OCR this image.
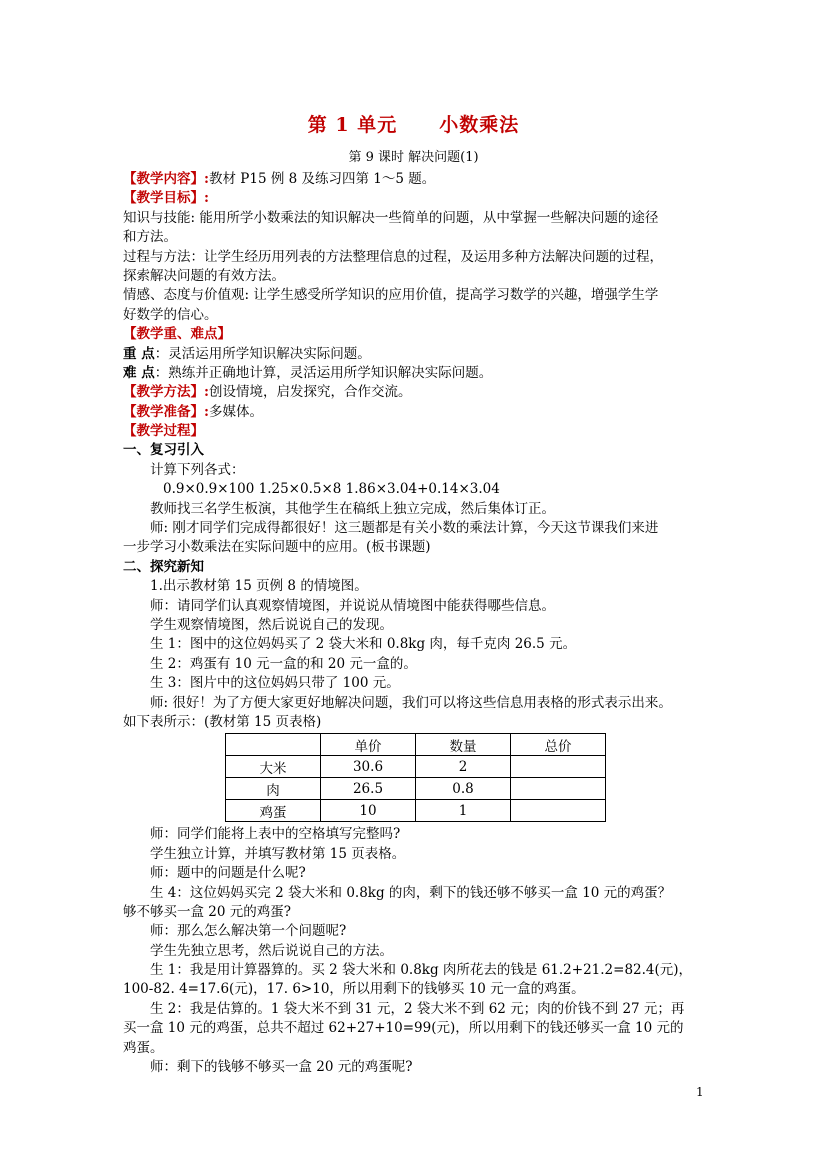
第 1 单元 小数乘法
第 9 课时 解决问题(1)
【教学内容】:教材 P15 例 8 及练习四第 1～5 题。
【教学目标】:
知识与技能: 能用所学小数乘法的知识解决一些简单的问题，从中掌握一些解决问题的途径
和方法。
过程与方法：让学生经历用列表的方法整理信息的过程，及运用多种方法解决问题的过程，
探索解决问题的有效方法。
情感、态度与价值观: 让学生感受所学知识的应用价值，提高学习数学的兴趣，增强学生学
好数学的信心。
【教学重、难点】
重 点：灵活运用所学知识解决实际问题。
难 点：熟练并正确地计算，灵活运用所学知识解决实际问题。
【教学方法】:创设情境，启发探究，合作交流。
【教学准备】:多媒体。
【教学过程】
一、复习引入
计算下列各式：
0.9×0.9×100 1.25×0.5×8 1.86×3.04+0.14×3.04
教师找三名学生板演，其他学生在稿纸上独立完成，然后集体订正。
师: 刚才同学们完成得都很好！这三题都是有关小数的乘法计算，今天这节课我们来进
一步学习小数乘法在实际问题中的应用。(板书课题)
二、探究新知
1.出示教材第 15 页例 8 的情境图。
师：请同学们认真观察情境图，并说说从情境图中能获得哪些信息。
学生观察情境图，然后说说自己的发现。
生 1：图中的这位妈妈买了 2 袋大米和 0.8kg 肉，每千克肉 26.5 元。
生 2：鸡蛋有 10 元一盒的和 20 元一盒的。
生 3：图片中的这位妈妈只带了 100 元。
师: 很好！为了方便大家更好地解决问题，我们可以将这些信息用表格的形式表示出来。
如下表所示：(教材第 15 页表格)
	单价	数量	总价
大米	30.6	2	
肉	26.5	0.8	
鸡蛋	10	1	
师：同学们能将上表中的空格填写完整吗?
学生独立计算，并填写教材第 15 页表格。
师：题中的问题是什么呢?
生 4：这位妈妈买完 2 袋大米和 0.8kg 的肉，剩下的钱还够不够买一盒 10 元的鸡蛋？
够不够买一盒 20 元的鸡蛋?
师：那么怎么解决第一个问题呢?
学生先独立思考，然后说说自己的方法。
生 1：我是用计算器算的。买 2 袋大米和 0.8kg 肉所花去的钱是 61.2+21.2=82.4(元)，
100-82. 4=17.6(元)，17. 6>10，所以用剩下的钱够买 10 元一盒的鸡蛋。
生 2：我是估算的。1 袋大米不到 31 元，2 袋大米不到 62 元；肉的价钱不到 27 元；再
买一盒 10 元的鸡蛋，总共不超过 62+27+10=99(元)，所以用剩下的钱还够买一盒 10 元的
鸡蛋。
师：剩下的钱够不够买一盒 20 元的鸡蛋呢?
1
